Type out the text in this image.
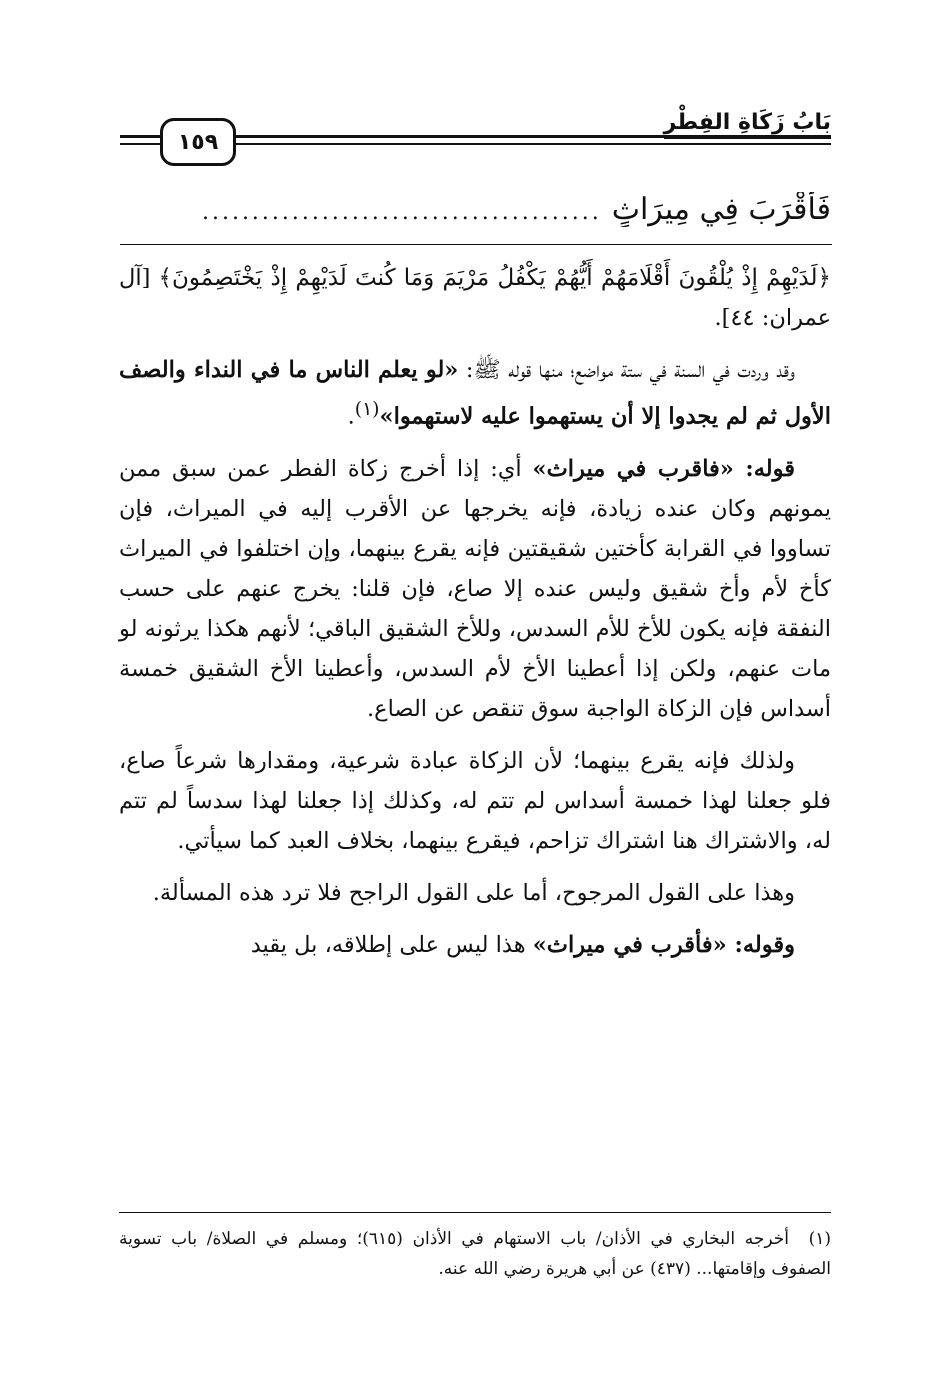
بَابُ زَكَاةِ الفِطْرِ
١٥٩
فَأَقْرَبَ فِي مِيرَاثٍ
........................................

﴿لَدَيْهِمْ إِذْ يُلْقُونَ أَقْلَامَهُمْ أَيُّهُمْ يَكْفُلُ مَرْيَمَ وَمَا كُنتَ لَدَيْهِمْ إِذْ يَخْتَصِمُونَ﴾ [آل عمران: ٤٤].

وقد وردت في السنة في ستة مواضع؛ منها قوله ﷺ: «لو يعلم الناس ما في النداء والصف الأول ثم لم يجدوا إلا أن يستهموا عليه لاستهموا»$^{(١)}$.

قوله: «فاقرب في ميراث» أي: إذا أخرج زكاة الفطر عمن سبق ممن يمونهم وكان عنده زيادة، فإنه يخرجها عن الأقرب إليه في الميراث، فإن تساووا في القرابة كأختين شقيقتين فإنه يقرع بينهما، وإن اختلفوا في الميراث كأخ لأم وأخ شقيق وليس عنده إلا صاع، فإن قلنا: يخرج عنهم على حسب النفقة فإنه يكون للأخ للأم السدس، وللأخ الشقيق الباقي؛ لأنهم هكذا يرثونه لو مات عنهم، ولكن إذا أعطينا الأخ لأم السدس، وأعطينا الأخ الشقيق خمسة أسداس فإن الزكاة الواجبة سوق تنقص عن الصاع.

ولذلك فإنه يقرع بينهما؛ لأن الزكاة عبادة شرعية، ومقدارها شرعاً صاع، فلو جعلنا لهذا خمسة أسداس لم تتم له، وكذلك إذا جعلنا لهذا سدساً لم تتم له، والاشتراك هنا اشتراك تزاحم، فيقرع بينهما، بخلاف العبد كما سيأتي.

وهذا على القول المرجوح، أما على القول الراجح فلا ترد هذه المسألة.

وقوله: «فأقرب في ميراث» هذا ليس على إطلاقه، بل يقيد

(١)أخرجه البخاري في الأذان/ باب الاستهام في الأذان (٦١٥)؛ ومسلم في الصلاة/ باب تسوية الصفوف وإقامتها... (٤٣٧) عن أبي هريرة رضي الله عنه.
